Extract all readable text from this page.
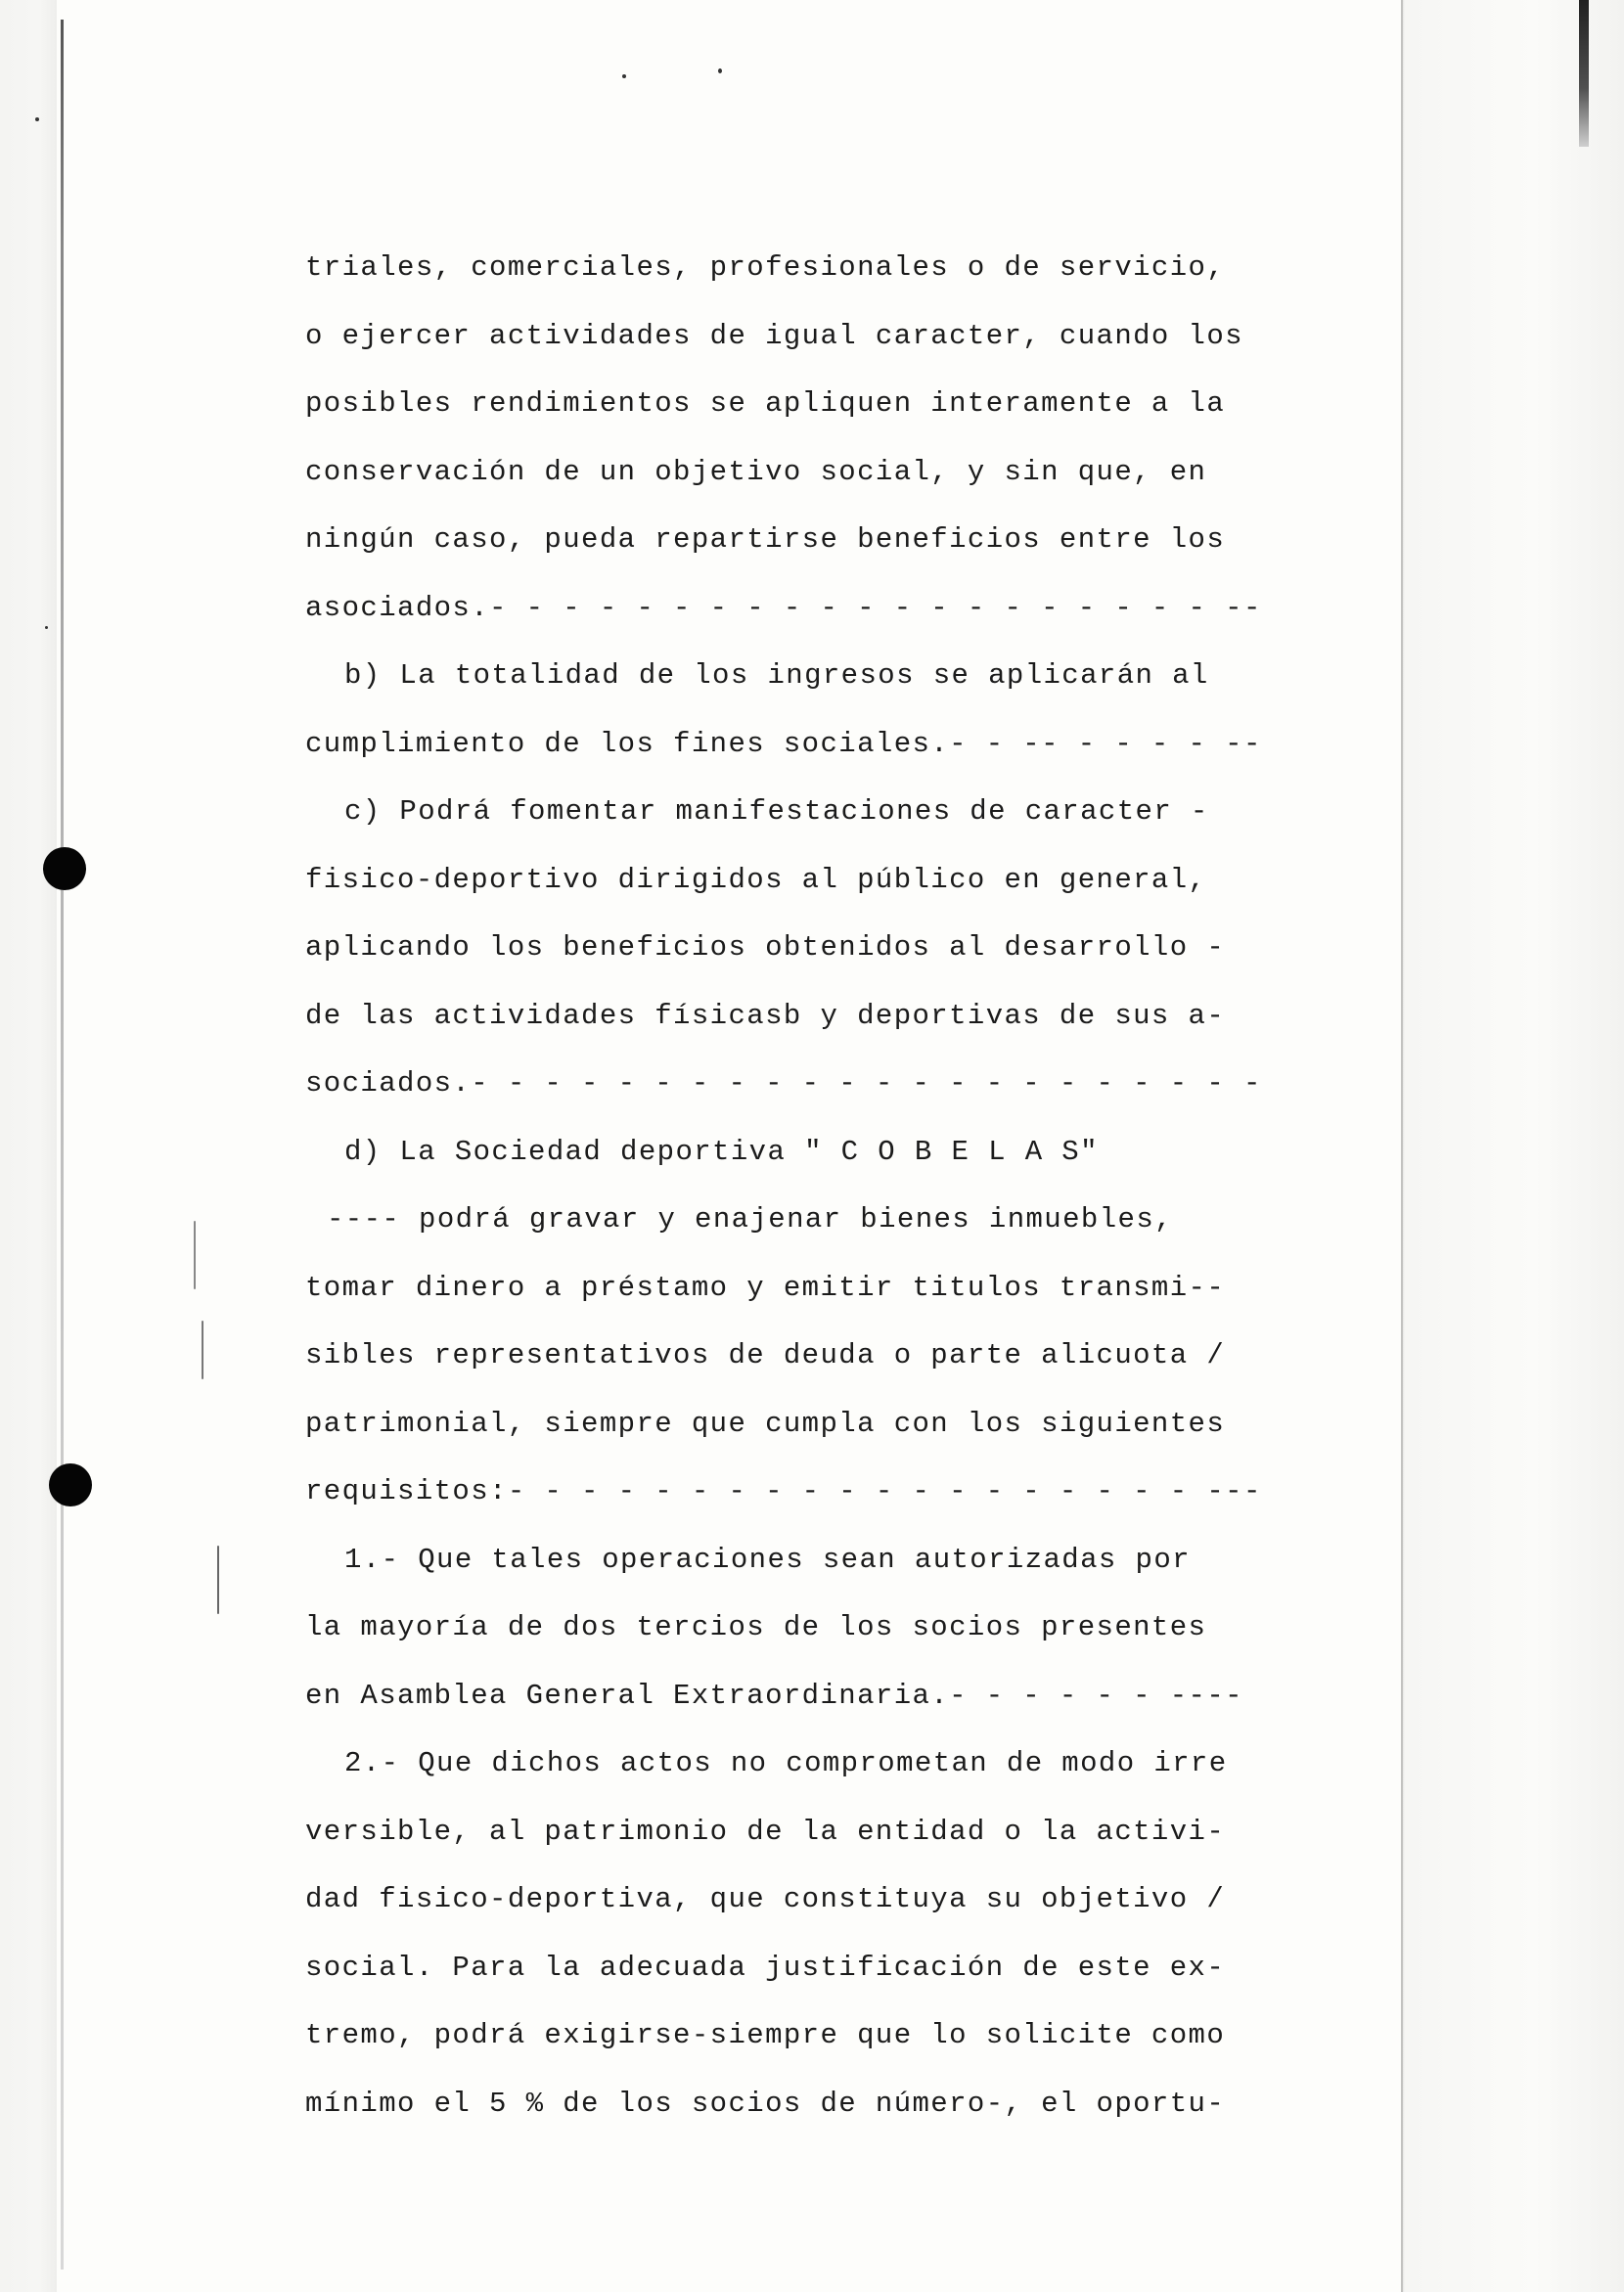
triales, comerciales, profesionales o de servicio,
o ejercer actividades de igual caracter, cuando los
posibles rendimientos se apliquen interamente a la
conservación de un objetivo social, y sin que, en
ningún caso, pueda repartirse beneficios entre los
asociados.- - - - - - - - - - - - - - - - - - - - --
b) La totalidad de los ingresos se aplicarán al
cumplimiento de los fines sociales.- - -- - - - - --
c) Podrá fomentar manifestaciones de caracter -
fisico-deportivo dirigidos al público en general,
aplicando los beneficios obtenidos al desarrollo -
de las actividades físicasb y deportivas de sus a-
sociados.- - - - - - - - - - - - - - - - - - - - - -
d) La Sociedad deportiva " C O B E L A S"
---- podrá gravar y enajenar bienes inmuebles,
tomar dinero a préstamo y emitir titulos transmi--
sibles representativos de deuda o parte alicuota /
patrimonial, siempre que cumpla con los siguientes
requisitos:- - - - - - - - - - - - - - - - - - - ---
1.- Que tales operaciones sean autorizadas por
la mayoría de dos tercios de los socios presentes
en Asamblea General Extraordinaria.- - - - - - ----
2.- Que dichos actos no comprometan de modo irre
versible, al patrimonio de la entidad o la activi-
dad fisico-deportiva, que constituya su objetivo /
social. Para la adecuada justificación de este ex-
tremo, podrá exigirse-siempre que lo solicite como
mínimo el 5 % de los socios de número-, el oportu-
